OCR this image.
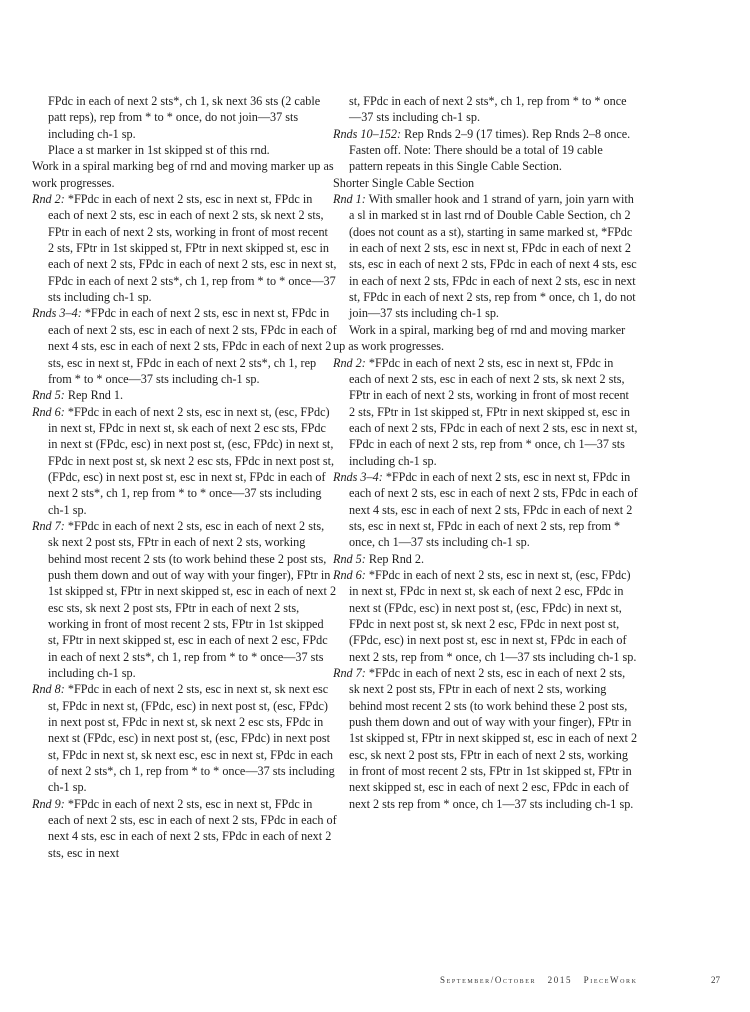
FPdc in each of next 2 sts*, ch 1, sk next 36 sts (2 cable patt reps), rep from * to * once, do not join—37 sts including ch-1 sp.

Place a st marker in 1st skipped st of this rnd.

Work in a spiral marking beg of rnd and moving marker up as work progresses.

Rnd 2: *FPdc in each of next 2 sts, esc in next st, FPdc in each of next 2 sts, esc in each of next 2 sts, sk next 2 sts, FPtr in each of next 2 sts, working in front of most recent 2 sts, FPtr in 1st skipped st, FPtr in next skipped st, esc in each of next 2 sts, FPdc in each of next 2 sts, esc in next st, FPdc in each of next 2 sts*, ch 1, rep from * to * once—37 sts including ch-1 sp.

Rnds 3–4: *FPdc in each of next 2 sts, esc in next st, FPdc in each of next 2 sts, esc in each of next 2 sts, FPdc in each of next 4 sts, esc in each of next 2 sts, FPdc in each of next 2 sts, esc in next st, FPdc in each of next 2 sts*, ch 1, rep from * to * once—37 sts including ch-1 sp.

Rnd 5: Rep Rnd 1.

Rnd 6: *FPdc in each of next 2 sts, esc in next st, (esc, FPdc) in next st, FPdc in next st, sk each of next 2 esc sts, FPdc in next st (FPdc, esc) in next post st, (esc, FPdc) in next st, FPdc in next post st, sk next 2 esc sts, FPdc in next post st, (FPdc, esc) in next post st, esc in next st, FPdc in each of next 2 sts*, ch 1, rep from * to * once—37 sts including ch-1 sp.

Rnd 7: *FPdc in each of next 2 sts, esc in each of next 2 sts, sk next 2 post sts, FPtr in each of next 2 sts, working behind most recent 2 sts (to work behind these 2 post sts, push them down and out of way with your finger), FPtr in 1st skipped st, FPtr in next skipped st, esc in each of next 2 esc sts, sk next 2 post sts, FPtr in each of next 2 sts, working in front of most recent 2 sts, FPtr in 1st skipped st, FPtr in next skipped st, esc in each of next 2 esc, FPdc in each of next 2 sts*, ch 1, rep from * to * once—37 sts including ch-1 sp.

Rnd 8: *FPdc in each of next 2 sts, esc in next st, sk next esc st, FPdc in next st, (FPdc, esc) in next post st, (esc, FPdc) in next post st, FPdc in next st, sk next 2 esc sts, FPdc in next st (FPdc, esc) in next post st, (esc, FPdc) in next post st, FPdc in next st, sk next esc, esc in next st, FPdc in each of next 2 sts*, ch 1, rep from * to * once—37 sts including ch-1 sp.

Rnd 9: *FPdc in each of next 2 sts, esc in next st, FPdc in each of next 2 sts, esc in each of next 2 sts, FPdc in each of next 4 sts, esc in each of next 2 sts, FPdc in each of next 2 sts, esc in next

st, FPdc in each of next 2 sts*, ch 1, rep from * to * once—37 sts including ch-1 sp.

Rnds 10–152: Rep Rnds 2–9 (17 times). Rep Rnds 2–8 once. Fasten off. Note: There should be a total of 19 cable pattern repeats in this Single Cable Section.

Shorter Single Cable Section

Rnd 1: With smaller hook and 1 strand of yarn, join yarn with a sl in marked st in last rnd of Double Cable Section, ch 2 (does not count as a st), starting in same marked st, *FPdc in each of next 2 sts, esc in next st, FPdc in each of next 2 sts, esc in each of next 2 sts, FPdc in each of next 4 sts, esc in each of next 2 sts, FPdc in each of next 2 sts, esc in next st, FPdc in each of next 2 sts, rep from * once, ch 1, do not join—37 sts including ch-1 sp.

Work in a spiral, marking beg of rnd and moving marker up as work progresses.

Rnd 2: *FPdc in each of next 2 sts, esc in next st, FPdc in each of next 2 sts, esc in each of next 2 sts, sk next 2 sts, FPtr in each of next 2 sts, working in front of most recent 2 sts, FPtr in 1st skipped st, FPtr in next skipped st, esc in each of next 2 sts, FPdc in each of next 2 sts, esc in next st, FPdc in each of next 2 sts, rep from * once, ch 1—37 sts including ch-1 sp.

Rnds 3–4: *FPdc in each of next 2 sts, esc in next st, FPdc in each of next 2 sts, esc in each of next 2 sts, FPdc in each of next 4 sts, esc in each of next 2 sts, FPdc in each of next 2 sts, esc in next st, FPdc in each of next 2 sts, rep from * once, ch 1—37 sts including ch-1 sp.

Rnd 5: Rep Rnd 2.

Rnd 6: *FPdc in each of next 2 sts, esc in next st, (esc, FPdc) in next st, FPdc in next st, sk each of next 2 esc, FPdc in next st (FPdc, esc) in next post st, (esc, FPdc) in next st, FPdc in next post st, sk next 2 esc, FPdc in next post st, (FPdc, esc) in next post st, esc in next st, FPdc in each of next 2 sts, rep from * once, ch 1—37 sts including ch-1 sp.

Rnd 7: *FPdc in each of next 2 sts, esc in each of next 2 sts, sk next 2 post sts, FPtr in each of next 2 sts, working behind most recent 2 sts (to work behind these 2 post sts, push them down and out of way with your finger), FPtr in 1st skipped st, FPtr in next skipped st, esc in each of next 2 esc, sk next 2 post sts, FPtr in each of next 2 sts, working in front of most recent 2 sts, FPtr in 1st skipped st, FPtr in next skipped st, esc in each of next 2 esc, FPdc in each of next 2 sts rep from * once, ch 1—37 sts including ch-1 sp.

September/October 2015 PieceWork	27
